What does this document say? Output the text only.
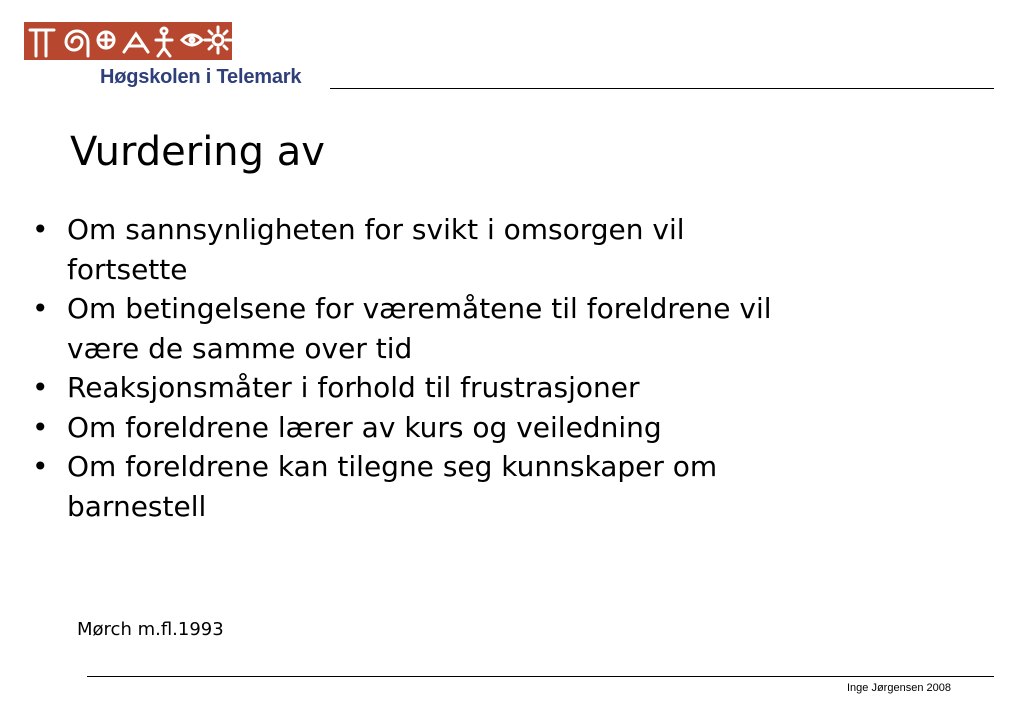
Høgskolen i Telemark
Vurdering av
• Om sannsynligheten for svikt i omsorgen vil
fortsette
• Om betingelsene for væremåtene til foreldrene vil
være de samme over tid
• Reaksjonsmåter i forhold til frustrasjoner
• Om foreldrene lærer av kurs og veiledning
• Om foreldrene kan tilegne seg kunnskaper om
barnestell
Mørch m.fl.1993
Inge Jørgensen 2008
